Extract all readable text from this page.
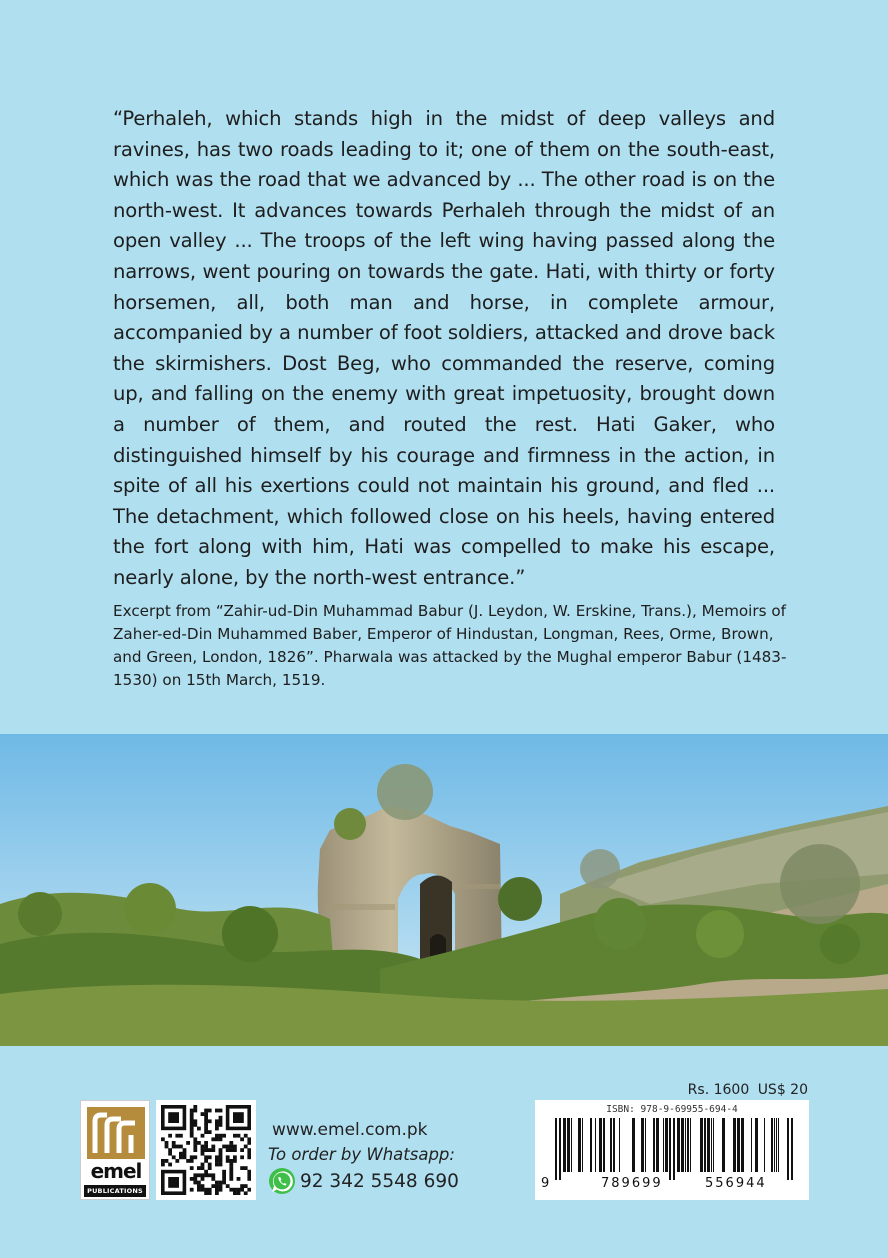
“Perhaleh, which stands high in the midst of deep valleys and ravines, has two roads leading to it; one of them on the south-east, which was the road that we advanced by ... The other road is on the north-west. It advances towards Perhaleh through the midst of an open valley ... The troops of the left wing having passed along the narrows, went pouring on towards the gate. Hati, with thirty or forty horsemen, all, both man and horse, in complete armour, accompanied by a number of foot soldiers, attacked and drove back the skirmishers. Dost Beg, who commanded the reserve, coming up, and falling on the enemy with great impetuosity, brought down a number of them, and routed the rest. Hati Gaker, who distinguished himself by his courage and firmness in the action, in spite of all his exertions could not maintain his ground, and fled ... The detachment, which followed close on his heels, having entered the fort along with him, Hati was compelled to make his escape, nearly alone, by the north-west entrance.”

Excerpt from “Zahir-ud-Din Muhammad Babur (J. Leydon, W. Erskine, Trans.), Memoirs of Zaher-ed-Din Muhammed Baber, Emperor of Hindustan, Longman, Rees, Orme, Brown, and Green, London, 1826”. Pharwala was attacked by the Mughal emperor Babur (1483-1530) on 15th March, 1519.

Rs. 1600 US$ 20
emel
PUBLICATIONS
www.emel.com.pk
To order by Whatsapp:
92 342 5548 690
ISBN: 978-9-69955-694-4
9	789699	556944
